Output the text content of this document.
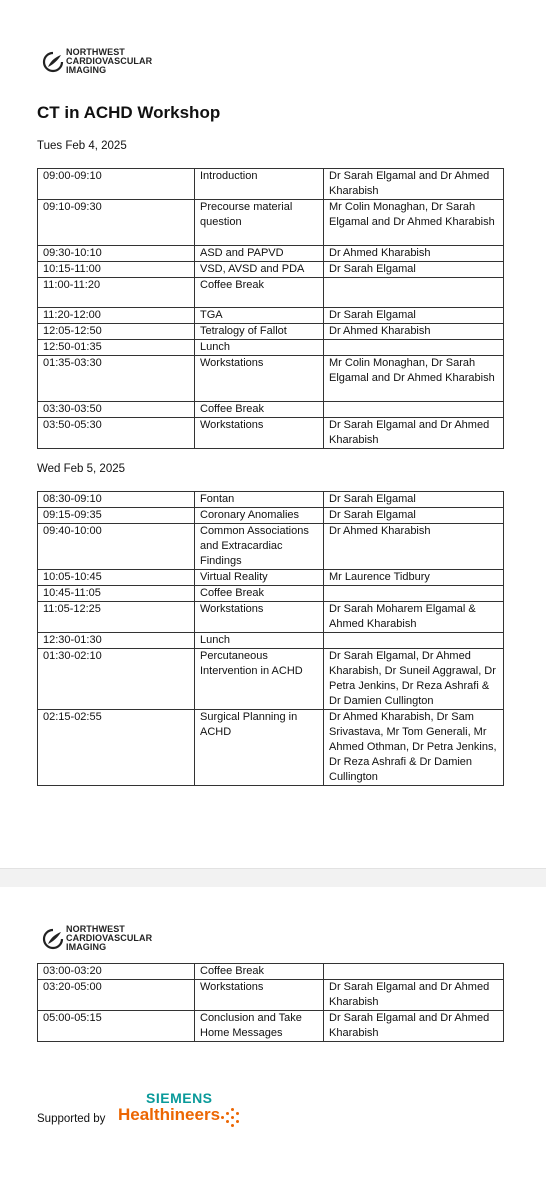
NORTHWEST
CARDIOVASCULAR
IMAGING
CT in ACHD Workshop
Tues Feb 4, 2025
09:00-09:10	Introduction	Dr Sarah Elgamal and Dr Ahmed Kharabish
09:10-09:30	Precourse material question	Mr Colin Monaghan, Dr Sarah Elgamal and Dr Ahmed Kharabish
09:30-10:10	ASD and PAPVD	Dr Ahmed Kharabish
10:15-11:00	VSD, AVSD and PDA	Dr Sarah Elgamal
11:00-11:20	Coffee Break	
11:20-12:00	TGA	Dr Sarah Elgamal
12:05-12:50	Tetralogy of Fallot	Dr Ahmed Kharabish
12:50-01:35	Lunch	
01:35-03:30	Workstations	Mr Colin Monaghan, Dr Sarah Elgamal and Dr Ahmed Kharabish
03:30-03:50	Coffee Break	
03:50-05:30	Workstations	Dr Sarah Elgamal and Dr Ahmed Kharabish
Wed Feb 5, 2025
08:30-09:10	Fontan	Dr Sarah Elgamal
09:15-09:35	Coronary Anomalies	Dr Sarah Elgamal
09:40-10:00	Common Associations and Extracardiac Findings	Dr Ahmed Kharabish
10:05-10:45	Virtual Reality	Mr Laurence Tidbury
10:45-11:05	Coffee Break	
11:05-12:25	Workstations	Dr Sarah Moharem Elgamal & Ahmed Kharabish
12:30-01:30	Lunch	
01:30-02:10	Percutaneous Intervention in ACHD	Dr Sarah Elgamal, Dr Ahmed Kharabish, Dr Suneil Aggrawal, Dr Petra Jenkins, Dr Reza Ashrafi & Dr Damien Cullington
02:15-02:55	Surgical Planning in ACHD	Dr Ahmed Kharabish, Dr Sam Srivastava, Mr Tom Generali, Mr Ahmed Othman, Dr Petra Jenkins, Dr Reza Ashrafi & Dr Damien Cullington
NORTHWEST
CARDIOVASCULAR
IMAGING
03:00-03:20	Coffee Break	
03:20-05:00	Workstations	Dr Sarah Elgamal and Dr Ahmed Kharabish
05:00-05:15	Conclusion and Take Home Messages	Dr Sarah Elgamal and Dr Ahmed Kharabish
Supported by
SIEMENS
Healthineers
